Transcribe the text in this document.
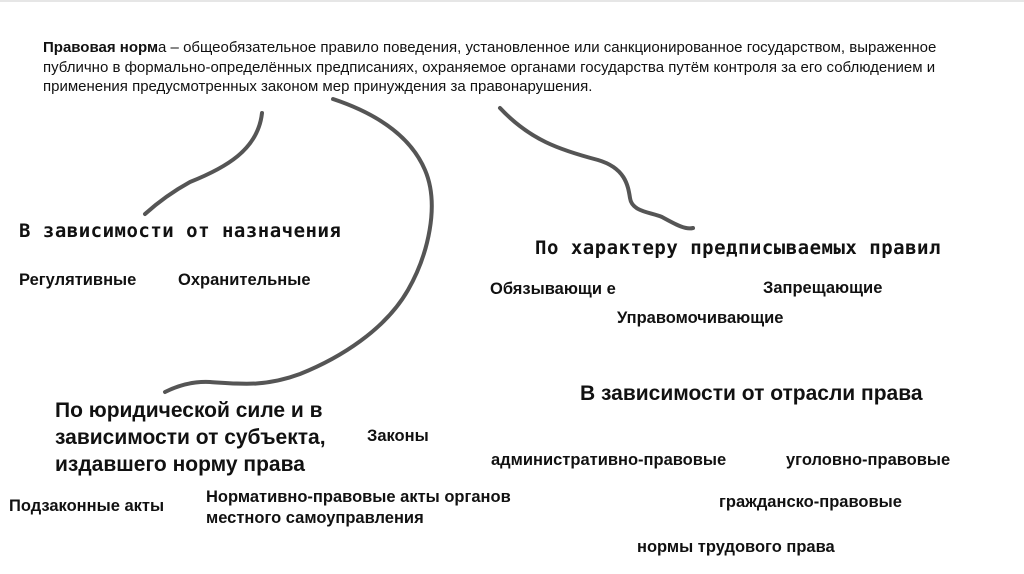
Правовая норма – общеобязательное правило поведения, установленное или санкционированное государством, выраженное публично в формально-определённых предписаниях, охраняемое органами государства путём контроля за его соблюдением и применения предусмотренных законом мер принуждения за правонарушения.
В зависимости от назначения
Регулятивные	Охранительные
По характеру предписываемых правил
Обязывающи е	Запрещающие
Управомочивающие
По юридической силе и в зависимости от субъекта, издавшего норму права
Законы
Подзаконные акты	Нормативно-правовые акты органов местного самоуправления
В зависимости от отрасли права
административно-правовые	уголовно-правовые
гражданско-правовые
нормы трудового права
